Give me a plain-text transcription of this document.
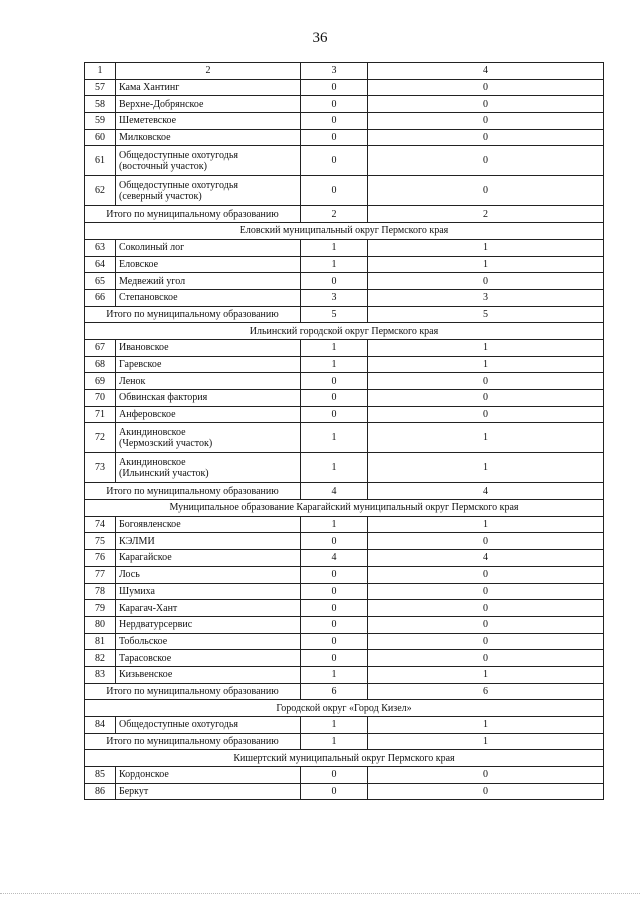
36
1	2	3	4
57	Кама Хантинг	0	0
58	Верхне-Добрянское	0	0
59	Шеметевское	0	0
60	Милковское	0	0
61	Общедоступные охотугодья
(восточный участок)	0	0
62	Общедоступные охотугодья
(северный участок)	0	0
Итого по муниципальному образованию		2	2
Еловский муниципальный округ Пермского края			
63	Соколиный лог	1	1
64	Еловское	1	1
65	Медвежий угол	0	0
66	Степановское	3	3
Итого по муниципальному образованию		5	5
Ильинский городской округ Пермского края			
67	Ивановское	1	1
68	Гаревское	1	1
69	Ленок	0	0
70	Обвинская фактория	0	0
71	Анферовское	0	0
72	Акиндиновское
(Чермозский участок)	1	1
73	Акиндиновское
(Ильинский участок)	1	1
Итого по муниципальному образованию		4	4
Муниципальное образование Карагайский муниципальный округ Пермского края			
74	Богоявленское	1	1
75	КЭЛМИ	0	0
76	Карагайское	4	4
77	Лось	0	0
78	Шумиха	0	0
79	Карагач-Хант	0	0
80	Нердватурсервис	0	0
81	Тобольское	0	0
82	Тарасовское	0	0
83	Кизьвенское	1	1
Итого по муниципальному образованию		6	6
Городской округ «Город Кизел»			
84	Общедоступные охотугодья	1	1
Итого по муниципальному образованию		1	1
Кишертский муниципальный округ Пермского края			
85	Кордонское	0	0
86	Беркут	0	0
